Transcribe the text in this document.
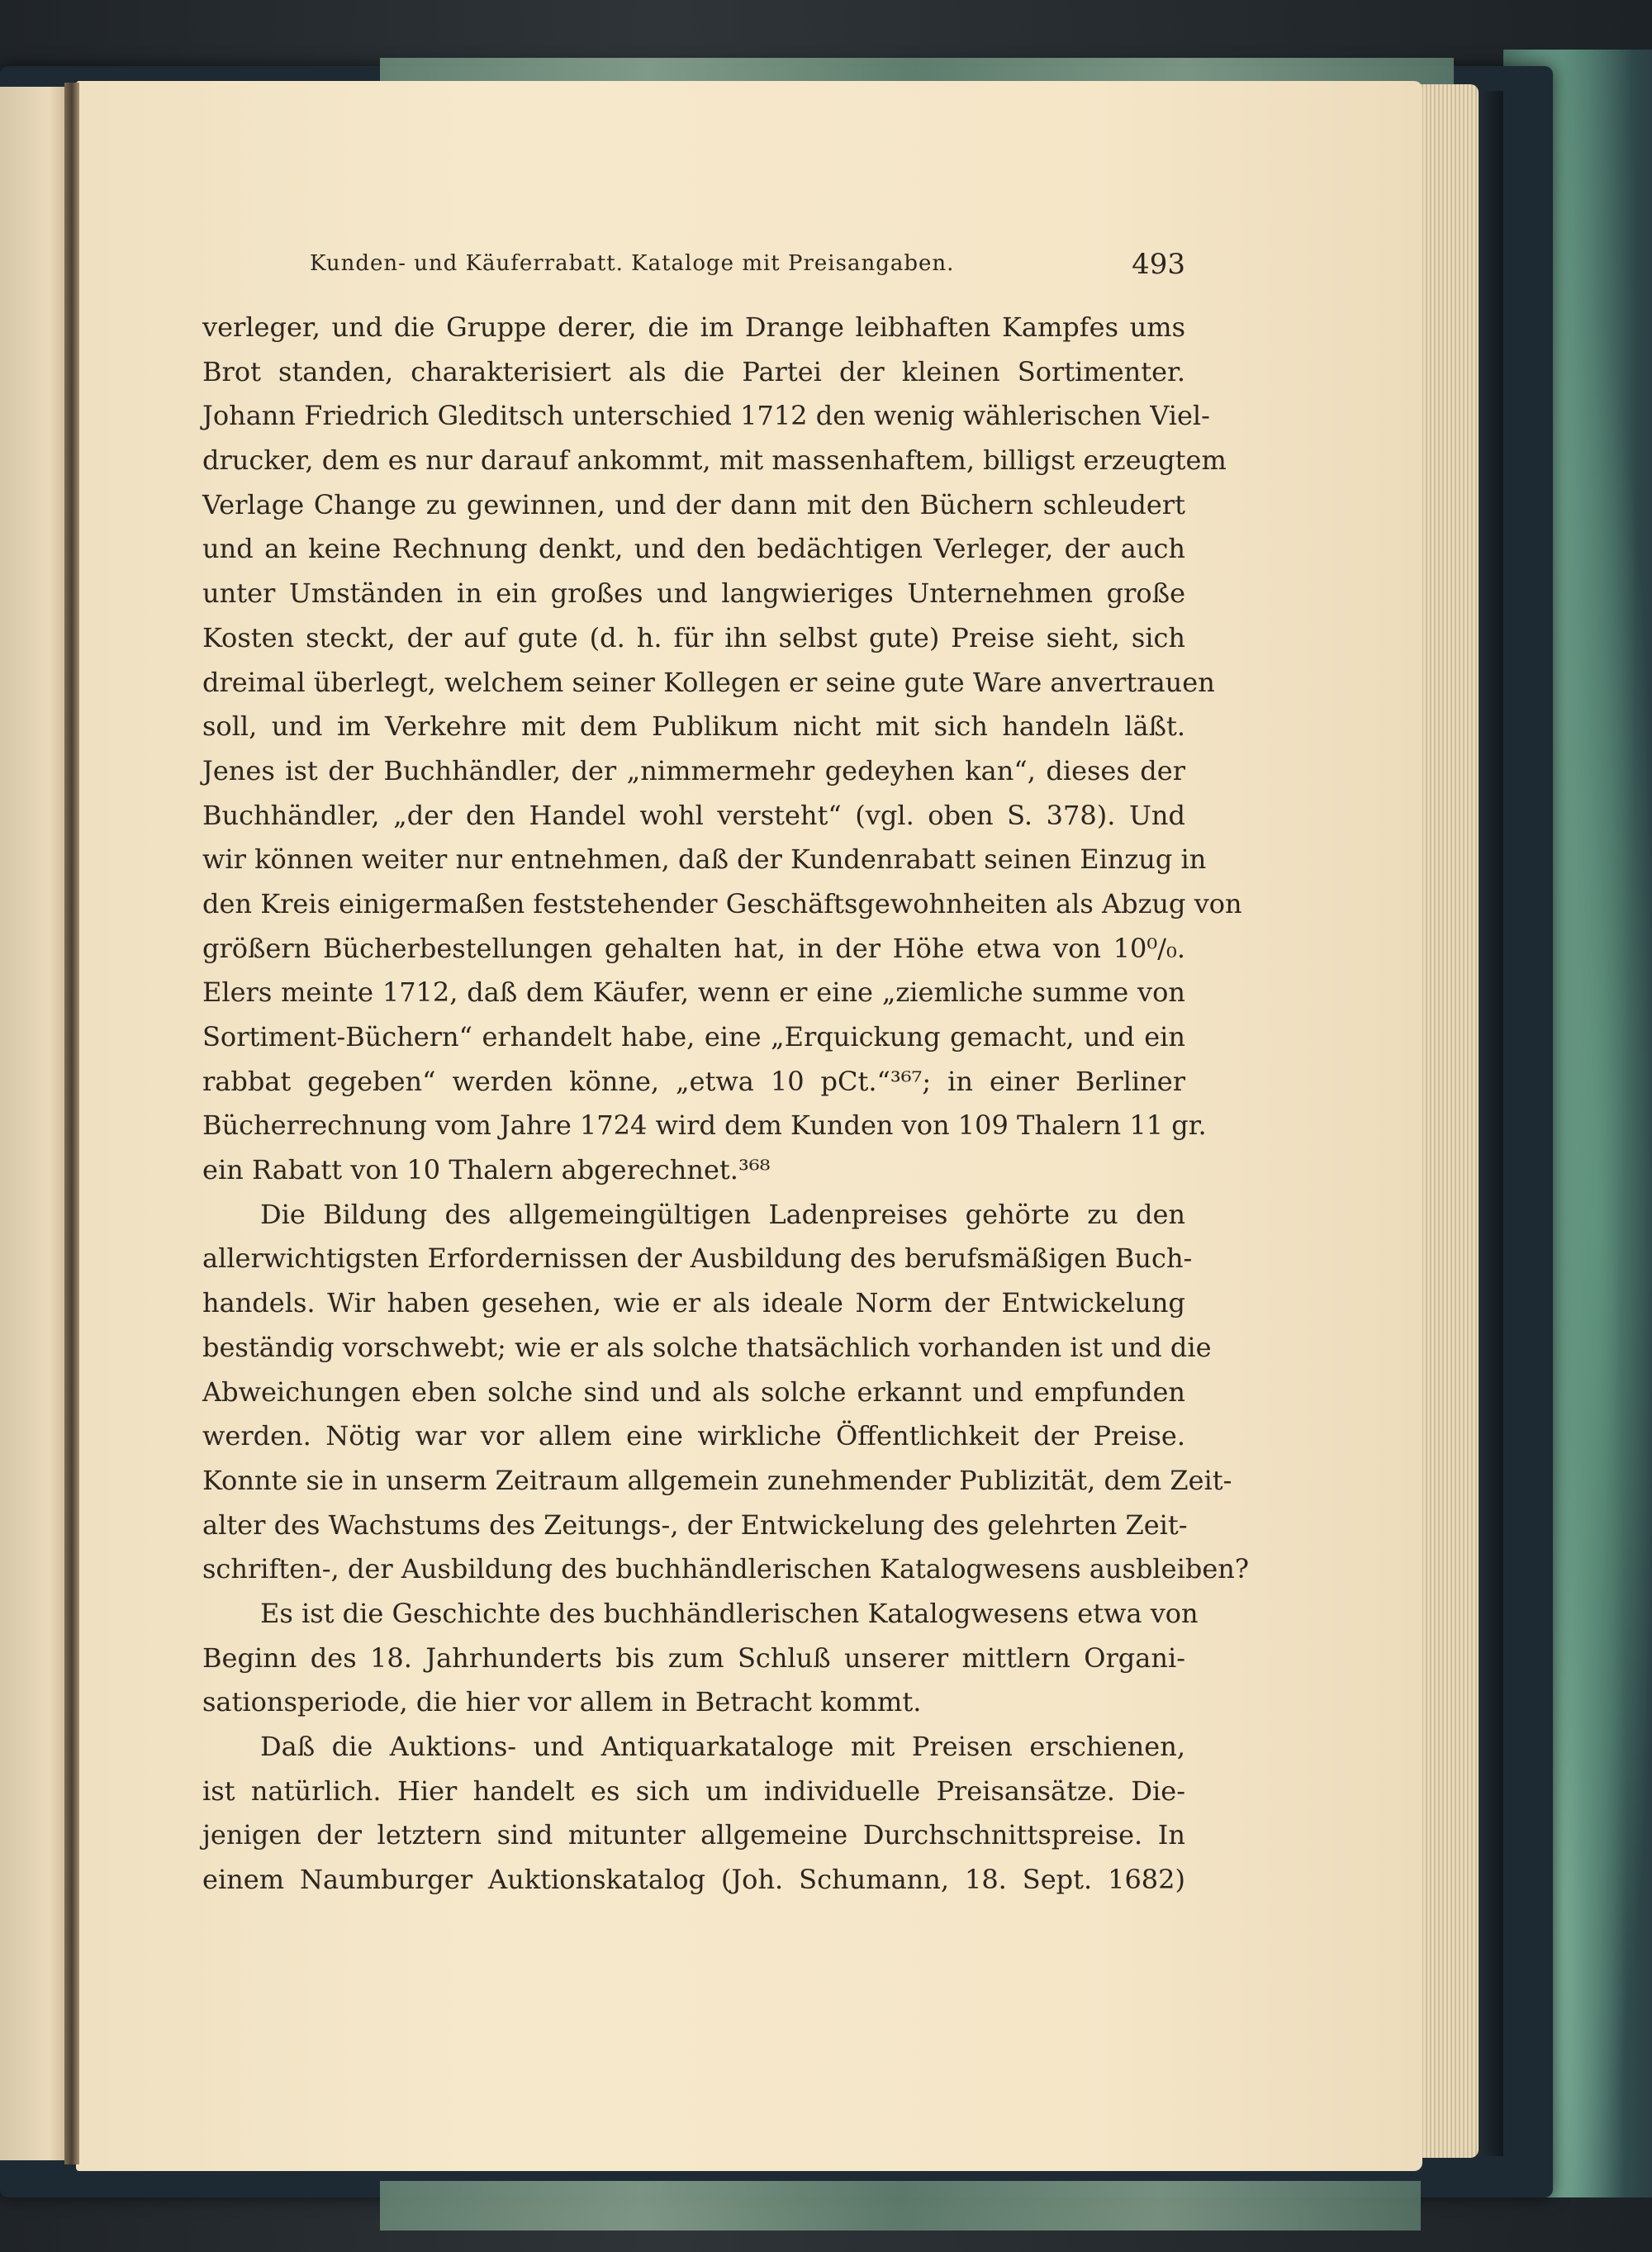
Kunden- und Käuferrabatt. Kataloge mit Preisangaben.	493
verleger, und die Gruppe derer, die im Drange leibhaften Kampfes ums
Brot standen, charakterisiert als die Partei der kleinen Sortimenter.
Johann Friedrich Gleditsch unterschied 1712 den wenig wählerischen Viel-
drucker, dem es nur darauf ankommt, mit massenhaftem, billigst erzeugtem
Verlage Change zu gewinnen, und der dann mit den Büchern schleudert
und an keine Rechnung denkt, und den bedächtigen Verleger, der auch
unter Umständen in ein großes und langwieriges Unternehmen große
Kosten steckt, der auf gute (d. h. für ihn selbst gute) Preise sieht, sich
dreimal überlegt, welchem seiner Kollegen er seine gute Ware anvertrauen
soll, und im Verkehre mit dem Publikum nicht mit sich handeln läßt.
Jenes ist der Buchhändler, der „nimmermehr gedeyhen kan“, dieses der
Buchhändler, „der den Handel wohl versteht“ (vgl. oben S. 378). Und
wir können weiter nur entnehmen, daß der Kundenrabatt seinen Einzug in
den Kreis einigermaßen feststehender Geschäftsgewohnheiten als Abzug von
größern Bücherbestellungen gehalten hat, in der Höhe etwa von 10⁰/₀.
Elers meinte 1712, daß dem Käufer, wenn er eine „ziemliche summe von
Sortiment-Büchern“ erhandelt habe, eine „Erquickung gemacht, und ein
rabbat gegeben“ werden könne, „etwa 10 pCt.“³⁶⁷; in einer Berliner
Bücherrechnung vom Jahre 1724 wird dem Kunden von 109 Thalern 11 gr.
ein Rabatt von 10 Thalern abgerechnet.³⁶⁸
Die Bildung des allgemeingültigen Ladenpreises gehörte zu den
allerwichtigsten Erfordernissen der Ausbildung des berufsmäßigen Buch-
handels. Wir haben gesehen, wie er als ideale Norm der Entwickelung
beständig vorschwebt; wie er als solche thatsächlich vorhanden ist und die
Abweichungen eben solche sind und als solche erkannt und empfunden
werden. Nötig war vor allem eine wirkliche Öffentlichkeit der Preise.
Konnte sie in unserm Zeitraum allgemein zunehmender Publizität, dem Zeit-
alter des Wachstums des Zeitungs-, der Entwickelung des gelehrten Zeit-
schriften-, der Ausbildung des buchhändlerischen Katalogwesens ausbleiben?
Es ist die Geschichte des buchhändlerischen Katalogwesens etwa von
Beginn des 18. Jahrhunderts bis zum Schluß unserer mittlern Organi-
sationsperiode, die hier vor allem in Betracht kommt.
Daß die Auktions- und Antiquarkataloge mit Preisen erschienen,
ist natürlich. Hier handelt es sich um individuelle Preisansätze. Die-
jenigen der letztern sind mitunter allgemeine Durchschnittspreise. In
einem Naumburger Auktionskatalog (Joh. Schumann, 18. Sept. 1682)
